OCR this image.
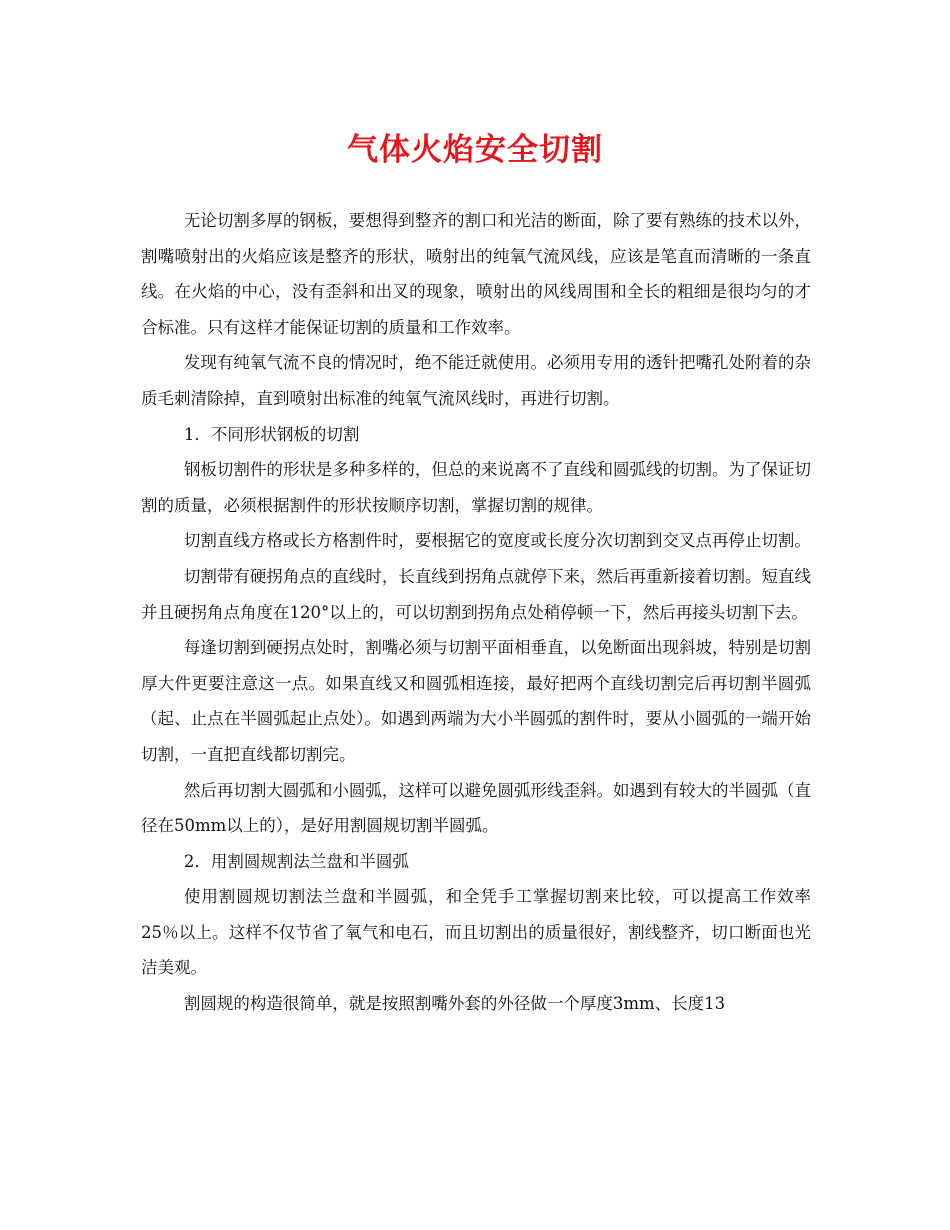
气体火焰安全切割

无论切割多厚的钢板，要想得到整齐的割口和光洁的断面，除了要有熟练的技术以外，割嘴喷射出的火焰应该是整齐的形状，喷射出的纯氧气流风线，应该是笔直而清晰的一条直线。在火焰的中心，没有歪斜和出叉的现象，喷射出的风线周围和全长的粗细是很均匀的才合标准。只有这样才能保证切割的质量和工作效率。

发现有纯氧气流不良的情况时，绝不能迁就使用。必须用专用的透针把嘴孔处附着的杂质毛刺清除掉，直到喷射出标准的纯氧气流风线时，再进行切割。

1．不同形状钢板的切割

钢板切割件的形状是多种多样的，但总的来说离不了直线和圆弧线的切割。为了保证切割的质量，必须根据割件的形状按顺序切割，掌握切割的规律。

切割直线方格或长方格割件时，要根据它的宽度或长度分次切割到交叉点再停止切割。

切割带有硬拐角点的直线时，长直线到拐角点就停下来，然后再重新接着切割。短直线并且硬拐角点角度在120°以上的，可以切割到拐角点处稍停顿一下，然后再接头切割下去。

每逢切割到硬拐点处时，割嘴必须与切割平面相垂直，以免断面出现斜坡，特别是切割厚大件更要注意这一点。如果直线又和圆弧相连接，最好把两个直线切割完后再切割半圆弧（起、止点在半圆弧起止点处）。如遇到两端为大小半圆弧的割件时，要从小圆弧的一端开始切割，一直把直线都切割完。

然后再切割大圆弧和小圆弧，这样可以避免圆弧形线歪斜。如遇到有较大的半圆弧（直径在50mm以上的），是好用割圆规切割半圆弧。

2．用割圆规割法兰盘和半圆弧

使用割圆规切割法兰盘和半圆弧，和全凭手工掌握切割来比较，可以提高工作效率25％以上。这样不仅节省了氧气和电石，而且切割出的质量很好，割线整齐，切口断面也光洁美观。

割圆规的构造很简单，就是按照割嘴外套的外径做一个厚度3mm、长度13
